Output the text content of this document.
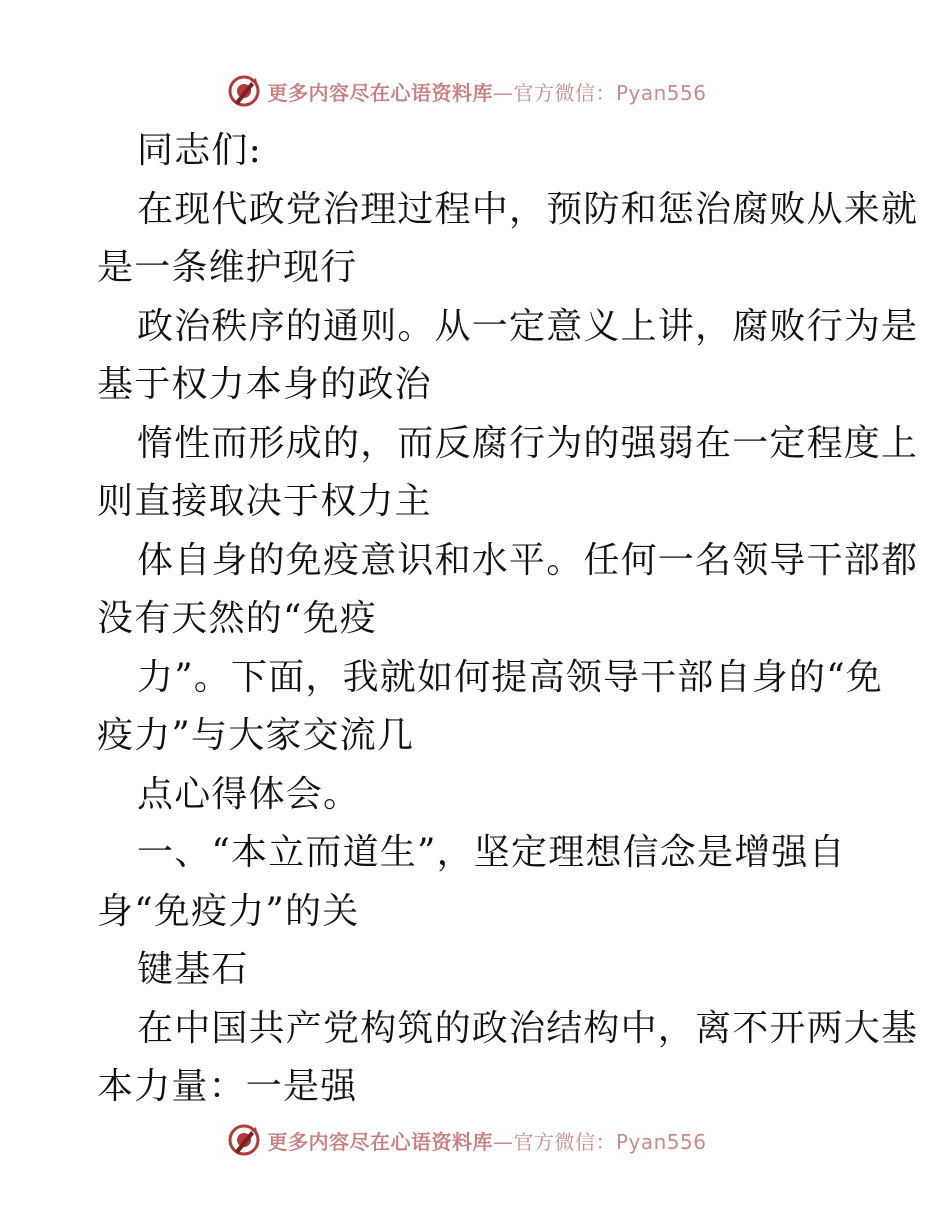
更多内容尽在心语资料库—官方微信：Pyan556
同志们:
在现代政党治理过程中，预防和惩治腐败从来就
是一条维护现行
政治秩序的通则。从一定意义上讲，腐败行为是
基于权力本身的政治
惰性而形成的，而反腐行为的强弱在一定程度上
则直接取决于权力主
体自身的免疫意识和水平。任何一名领导干部都
没有天然的“免疫
力”。下面，我就如何提高领导干部自身的“免
疫力”与大家交流几
点心得体会。
一、“本立而道生”，坚定理想信念是增强自
身“免疫力”的关
键基石
在中国共产党构筑的政治结构中，离不开两大基
本力量：一是强
更多内容尽在心语资料库—官方微信：Pyan556
